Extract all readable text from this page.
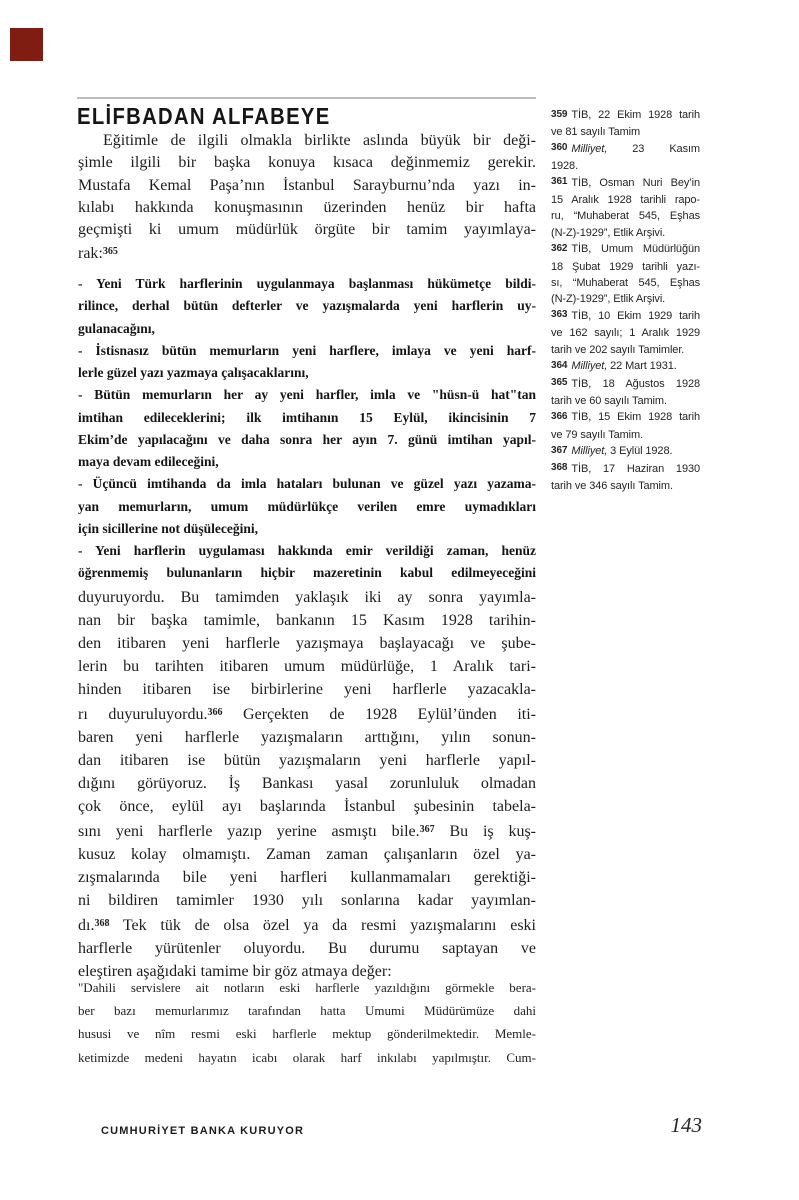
ELİFBADAN ALFABEYE
Eğitimle de ilgili olmakla birlikte aslında büyük bir deği-
şimle ilgili bir başka konuya kısaca değinmemiz gerekir.
Mustafa Kemal Paşa’nın İstanbul Sarayburnu’nda yazı in-
kılabı hakkında konuşmasının üzerinden henüz bir hafta
geçmişti ki umum müdürlük örgüte bir tamim yayımlaya-
rak:$^{365}$
- Yeni Türk harflerinin uygulanmaya başlanması hükümetçe bildi-
rilince, derhal bütün defterler ve yazışmalarda yeni harflerin uy-
gulanacağını,
- İstisnasız bütün memurların yeni harflere, imlaya ve yeni harf-
lerle güzel yazı yazmaya çalışacaklarını,
- Bütün memurların her ay yeni harfler, imla ve "hüsn-ü hat"tan
imtihan edileceklerini; ilk imtihanın 15 Eylül, ikincisinin 7
Ekim’de yapılacağını ve daha sonra her ayın 7. günü imtihan yapıl-
maya devam edileceğini,
- Üçüncü imtihanda da imla hataları bulunan ve güzel yazı yazama-
yan memurların, umum müdürlükçe verilen emre uymadıkları
için sicillerine not düşüleceğini,
- Yeni harflerin uygulaması hakkında emir verildiği zaman, henüz
öğrenmemiş bulunanların hiçbir mazeretinin kabul edilmeyeceğini
duyuruyordu. Bu tamimden yaklaşık iki ay sonra yayımla-
nan bir başka tamimle, bankanın 15 Kasım 1928 tarihin-
den itibaren yeni harflerle yazışmaya başlayacağı ve şube-
lerin bu tarihten itibaren umum müdürlüğe, 1 Aralık tari-
hinden itibaren ise birbirlerine yeni harflerle yazacakla-
rı duyuruluyordu.$^{366}$ Gerçekten de 1928 Eylül’ünden iti-
baren yeni harflerle yazışmaların arttığını, yılın sonun-
dan itibaren ise bütün yazışmaların yeni harflerle yapıl-
dığını görüyoruz. İş Bankası yasal zorunluluk olmadan
çok önce, eylül ayı başlarında İstanbul şubesinin tabela-
sını yeni harflerle yazıp yerine asmıştı bile.$^{367}$ Bu iş kuş-
kusuz kolay olmamıştı. Zaman zaman çalışanların özel ya-
zışmalarında bile yeni harfleri kullanmamaları gerektiği-
ni bildiren tamimler 1930 yılı sonlarına kadar yayımlan-
dı.$^{368}$ Tek tük de olsa özel ya da resmi yazışmalarını eski
harflerle yürütenler oluyordu. Bu durumu saptayan ve
eleştiren aşağıdaki tamime bir göz atmaya değer:
"Dahili servislere ait notların eski harflerle yazıldığını görmekle bera-
ber bazı memurlarımız tarafından hatta Umumi Müdürümüze dahi
hususi ve nîm resmi eski harflerle mektup gönderilmektedir. Memle-
ketimizde medeni hayatın icabı olarak harf inkılabı yapılmıştır. Cum-
359 TİB, 22 Ekim 1928 tarih
ve 81 sayılı Tamim
360 Milliyet, 23 Kasım
1928.
361 TİB, Osman Nuri Bey’in
15 Aralık 1928 tarihli rapo-
ru, “Muhaberat 545, Eşhas
(N-Z)-1929”, Etlik Arşivi.
362 TİB, Umum Müdürlüğün
18 Şubat 1929 tarihli yazı-
sı, “Muhaberat 545, Eşhas
(N-Z)-1929”, Etlik Arşivi.
363 TİB, 10 Ekim 1929 tarih
ve 162 sayılı; 1 Aralık 1929
tarih ve 202 sayılı Tamimler.
364 Milliyet, 22 Mart 1931.
365 TİB, 18 Ağustos 1928
tarih ve 60 sayılı Tamim.
366 TİB, 15 Ekim 1928 tarih
ve 79 sayılı Tamim.
367 Milliyet, 3 Eylül 1928.
368 TİB, 17 Haziran 1930
tarih ve 346 sayılı Tamim.
CUMHURİYET BANKA KURUYOR	143
